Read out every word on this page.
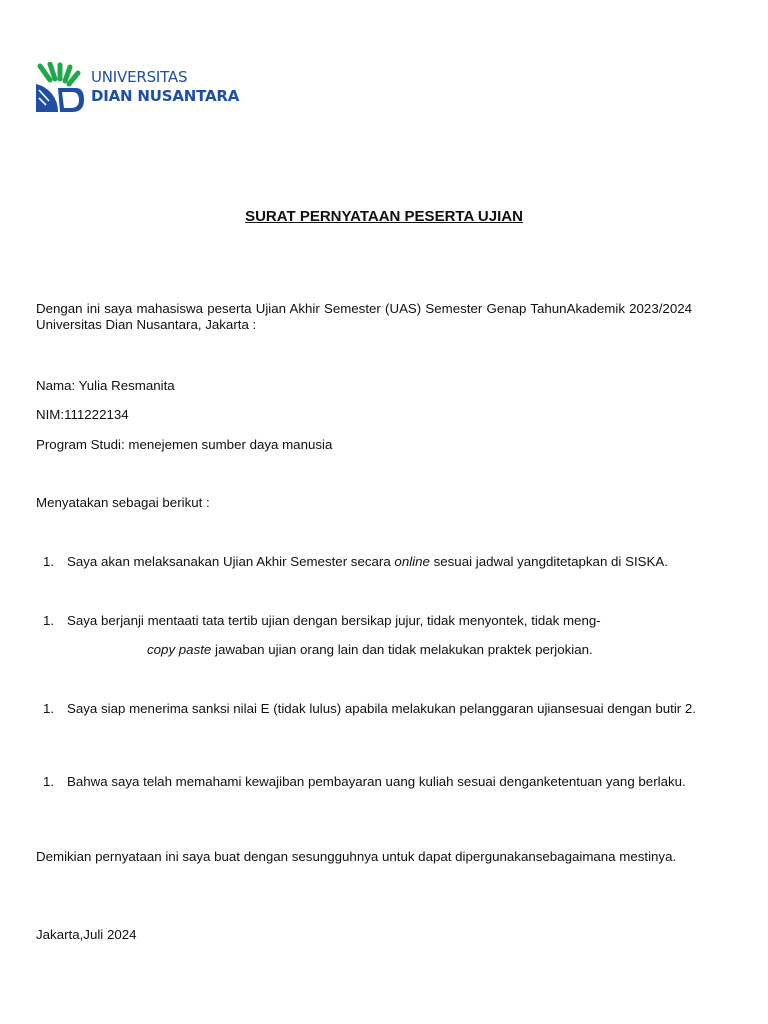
UNIVERSITAS
DIAN NUSANTARA
SURAT PERNYATAAN PESERTA UJIAN
Dengan ini saya mahasiswa peserta Ujian Akhir Semester (UAS) Semester Genap TahunAkademik 2023/2024 Universitas Dian Nusantara, Jakarta :
Nama: Yulia Resmanita
NIM:111222134
Program Studi: menejemen sumber daya manusia
Menyatakan sebagai berikut :
1. Saya akan melaksanakan Ujian Akhir Semester secara online sesuai jadwal yangditetapkan di SISKA.
1. Saya berjanji mentaati tata tertib ujian dengan bersikap jujur, tidak menyontek, tidak meng-
copy paste jawaban ujian orang lain dan tidak melakukan praktek perjokian.
1. Saya siap menerima sanksi nilai E (tidak lulus) apabila melakukan pelanggaran ujiansesuai dengan butir 2.
1. Bahwa saya telah memahami kewajiban pembayaran uang kuliah sesuai denganketentuan yang berlaku.
Demikian pernyataan ini saya buat dengan sesungguhnya untuk dapat dipergunakansebagaimana mestinya.
Jakarta,Juli 2024
